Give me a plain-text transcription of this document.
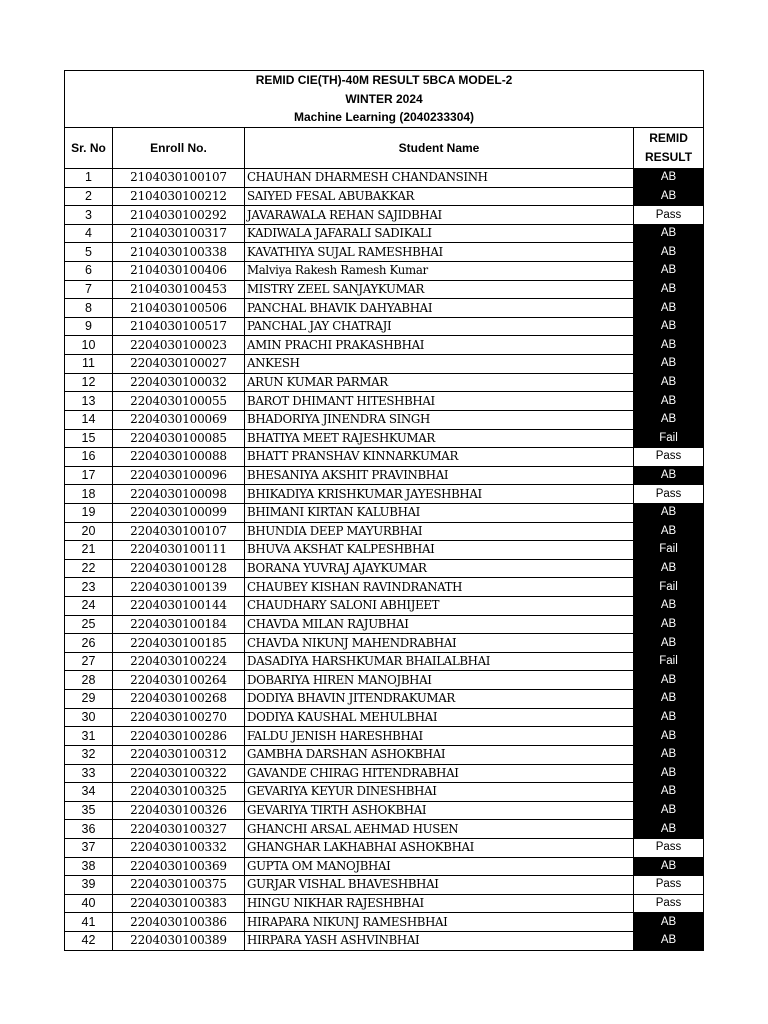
REMID CIE(TH)-40M RESULT 5BCA MODEL-2
WINTER 2024
Machine Learning (2040233304)			

Sr. No	Enroll No.	Student Name	REMID
RESULT

1	2104030100107	CHAUHAN DHARMESH CHANDANSINH	AB
2	2104030100212	SAIYED FESAL ABUBAKKAR	AB
3	2104030100292	JAVARAWALA REHAN SAJIDBHAI	Pass
4	2104030100317	KADIWALA JAFARALI SADIKALI	AB
5	2104030100338	KAVATHIYA SUJAL RAMESHBHAI	AB
6	2104030100406	Malviya Rakesh Ramesh Kumar	AB
7	2104030100453	MISTRY ZEEL SANJAYKUMAR	AB
8	2104030100506	PANCHAL BHAVIK DAHYABHAI	AB
9	2104030100517	PANCHAL JAY CHATRAJI	AB
10	2204030100023	AMIN PRACHI PRAKASHBHAI	AB
11	2204030100027	ANKESH	AB
12	2204030100032	ARUN KUMAR PARMAR	AB
13	2204030100055	BAROT DHIMANT HITESHBHAI	AB
14	2204030100069	BHADORIYA JINENDRA SINGH	AB
15	2204030100085	BHATIYA MEET RAJESHKUMAR	Fail
16	2204030100088	BHATT PRANSHAV KINNARKUMAR	Pass
17	2204030100096	BHESANIYA AKSHIT PRAVINBHAI	AB
18	2204030100098	BHIKADIYA KRISHKUMAR JAYESHBHAI	Pass
19	2204030100099	BHIMANI KIRTAN KALUBHAI	AB
20	2204030100107	BHUNDIA DEEP MAYURBHAI	AB
21	2204030100111	BHUVA AKSHAT KALPESHBHAI	Fail
22	2204030100128	BORANA YUVRAJ AJAYKUMAR	AB
23	2204030100139	CHAUBEY KISHAN RAVINDRANATH	Fail
24	2204030100144	CHAUDHARY SALONI ABHIJEET	AB
25	2204030100184	CHAVDA MILAN RAJUBHAI	AB
26	2204030100185	CHAVDA NIKUNJ MAHENDRABHAI	AB
27	2204030100224	DASADIYA HARSHKUMAR BHAILALBHAI	Fail
28	2204030100264	DOBARIYA HIREN MANOJBHAI	AB
29	2204030100268	DODIYA BHAVIN JITENDRAKUMAR	AB
30	2204030100270	DODIYA KAUSHAL MEHULBHAI	AB
31	2204030100286	FALDU JENISH HARESHBHAI	AB
32	2204030100312	GAMBHA DARSHAN ASHOKBHAI	AB
33	2204030100322	GAVANDE CHIRAG HITENDRABHAI	AB
34	2204030100325	GEVARIYA KEYUR DINESHBHAI	AB
35	2204030100326	GEVARIYA TIRTH ASHOKBHAI	AB
36	2204030100327	GHANCHI ARSAL AEHMAD HUSEN	AB
37	2204030100332	GHANGHAR LAKHABHAI ASHOKBHAI	Pass
38	2204030100369	GUPTA OM MANOJBHAI	AB
39	2204030100375	GURJAR VISHAL BHAVESHBHAI	Pass
40	2204030100383	HINGU NIKHAR RAJESHBHAI	Pass
41	2204030100386	HIRAPARA NIKUNJ RAMESHBHAI	AB
42	2204030100389	HIRPARA YASH ASHVINBHAI	AB
